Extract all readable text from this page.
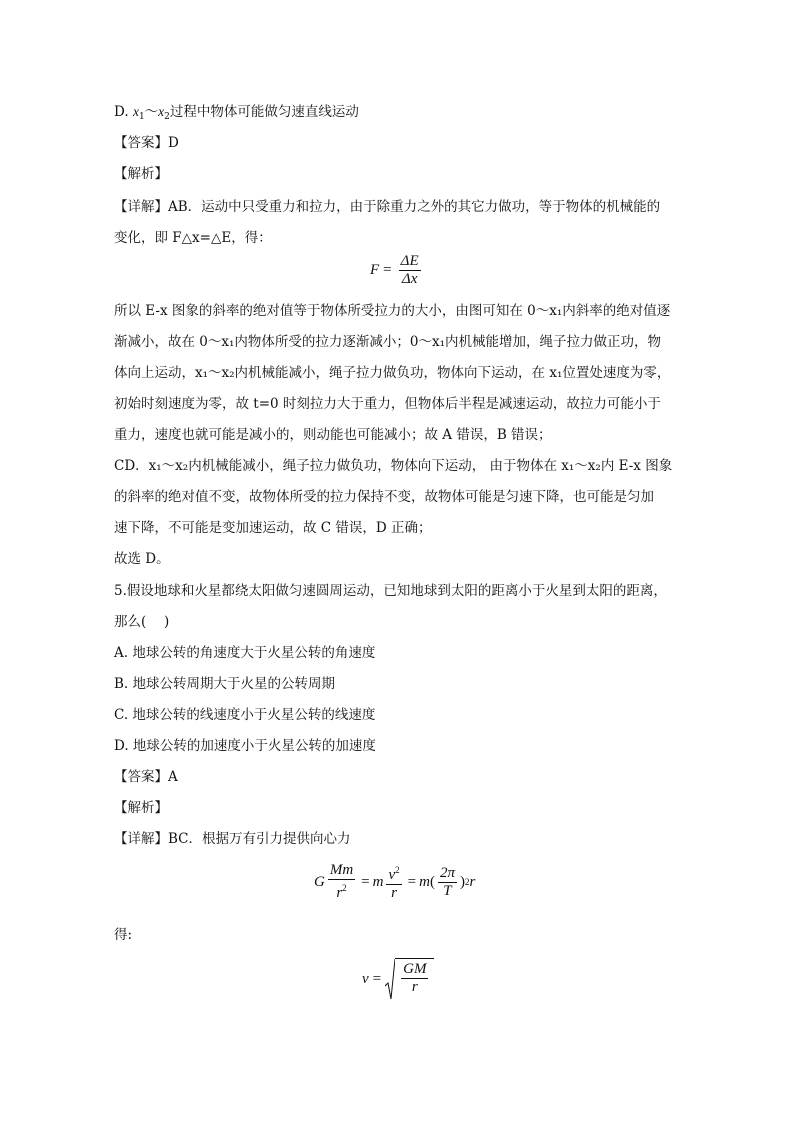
D. $x_1\sim x_2$过程中物体可能做匀速直线运动
【答案】D
【解析】
【详解】AB．运动中只受重力和拉力，由于除重力之外的其它力做功，等于物体的机械能的
变化，即 F△x=△E，得：
$F = \frac{\Delta E}{\Delta x}$
所以 E-x 图象的斜率的绝对值等于物体所受拉力的大小，由图可知在 0～x₁内斜率的绝对值逐
渐减小，故在 0～x₁内物体所受的拉力逐渐减小；0～x₁内机械能增加，绳子拉力做正功，物
体向上运动，x₁～x₂内机械能减小，绳子拉力做负功，物体向下运动，在 x₁位置处速度为零，
初始时刻速度为零，故 t=0 时刻拉力大于重力，但物体后半程是减速运动，故拉力可能小于
重力，速度也就可能是减小的，则动能也可能减小；故 A 错误，B 错误；
CD．x₁～x₂内机械能减小，绳子拉力做负功，物体向下运动， 由于物体在 x₁～x₂内 E-x 图象
的斜率的绝对值不变，故物体所受的拉力保持不变，故物体可能是匀速下降，也可能是匀加
速下降，不可能是变加速运动，故 C 错误，D 正确；
故选 D。
5.假设地球和火星都绕太阳做匀速圆周运动，已知地球到太阳的距离小于火星到太阳的距离，
那么(　 )
A. 地球公转的角速度大于火星公转的角速度
B. 地球公转周期大于火星的公转周期
C. 地球公转的线速度小于火星公转的线速度
D. 地球公转的加速度小于火星公转的加速度
【答案】A
【解析】
【详解】BC．根据万有引力提供向心力
G $\frac{Mm}{r^2} = m \frac{v^2}{r} = m$ ( $\frac{2\pi}{T}$ ) 2 r
得:
$v = \frac{GM}{r}$
